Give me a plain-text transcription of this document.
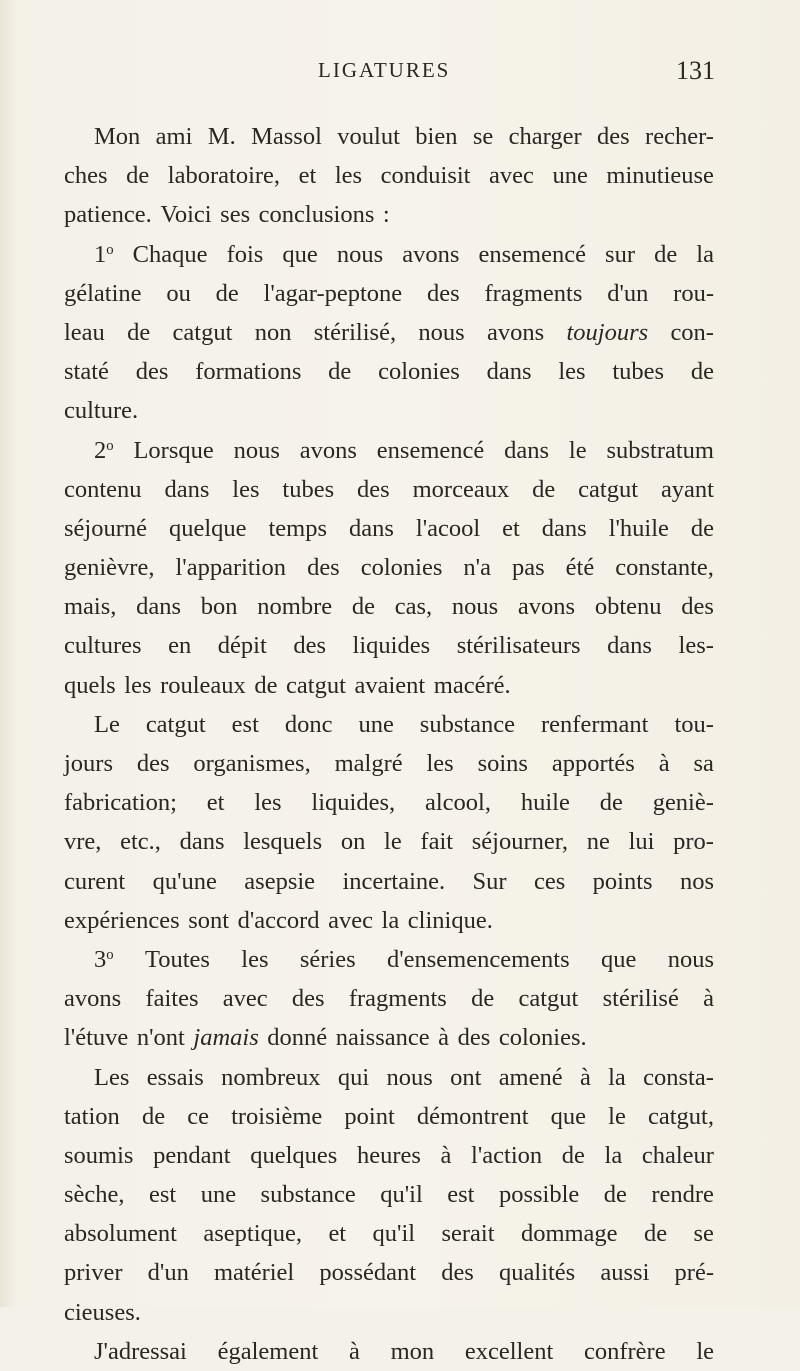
LIGATURES	131
Mon ami M. Massol voulut bien se charger des recher-
ches de laboratoire, et les conduisit avec une minutieuse
patience. Voici ses conclusions :
1$^o$ Chaque fois que nous avons ensemencé sur de la
gélatine ou de l'agar-peptone des fragments d'un rou-
leau de catgut non stérilisé, nous avons toujours con-
staté des formations de colonies dans les tubes de
culture.
2$^o$ Lorsque nous avons ensemencé dans le substratum
contenu dans les tubes des morceaux de catgut ayant
séjourné quelque temps dans l'acool et dans l'huile de
genièvre, l'apparition des colonies n'a pas été constante,
mais, dans bon nombre de cas, nous avons obtenu des
cultures en dépit des liquides stérilisateurs dans les-
quels les rouleaux de catgut avaient macéré.
Le catgut est donc une substance renfermant tou-
jours des organismes, malgré les soins apportés à sa
fabrication; et les liquides, alcool, huile de geniè-
vre, etc., dans lesquels on le fait séjourner, ne lui pro-
curent qu'une asepsie incertaine. Sur ces points nos
expériences sont d'accord avec la clinique.
3$^o$ Toutes les séries d'ensemencements que nous
avons faites avec des fragments de catgut stérilisé à
l'étuve n'ont jamais donné naissance à des colonies.
Les essais nombreux qui nous ont amené à la consta-
tation de ce troisième point démontrent que le catgut,
soumis pendant quelques heures à l'action de la chaleur
sèche, est une substance qu'il est possible de rendre
absolument aseptique, et qu'il serait dommage de se
priver d'un matériel possédant des qualités aussi pré-
cieuses.
J'adressai également à mon excellent confrère le
